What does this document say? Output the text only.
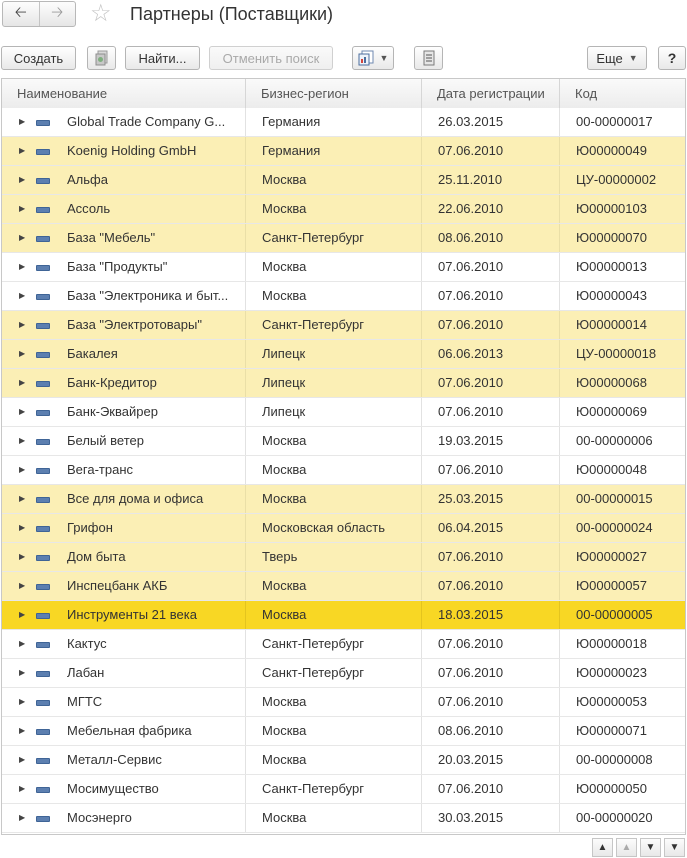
🡠 🡢 ☆ Партнеры (Поставщики)
Создать	Найти...	Отменить поиск	▼	Еще ▼	?
Наименование	Бизнес-регион	Дата регистрации	Код
▶	Global Trade Company G...	Германия	26.03.2015	00-00000017
▶	Koenig Holding GmbH	Германия	07.06.2010	Ю00000049
▶	Альфа	Москва	25.11.2010	ЦУ-00000002
▶	Ассоль	Москва	22.06.2010	Ю00000103
▶	База "Мебель"	Санкт-Петербург	08.06.2010	Ю00000070
▶	База "Продукты"	Москва	07.06.2010	Ю00000013
▶	База "Электроника и быт...	Москва	07.06.2010	Ю00000043
▶	База "Электротовары"	Санкт-Петербург	07.06.2010	Ю00000014
▶	Бакалея	Липецк	06.06.2013	ЦУ-00000018
▶	Банк-Кредитор	Липецк	07.06.2010	Ю00000068
▶	Банк-Эквайрер	Липецк	07.06.2010	Ю00000069
▶	Белый ветер	Москва	19.03.2015	00-00000006
▶	Вега-транс	Москва	07.06.2010	Ю00000048
▶	Все для дома и офиса	Москва	25.03.2015	00-00000015
▶	Грифон	Московская область	06.04.2015	00-00000024
▶	Дом быта	Тверь	07.06.2010	Ю00000027
▶	Инспецбанк АКБ	Москва	07.06.2010	Ю00000057
▶	Инструменты 21 века	Москва	18.03.2015	00-00000005
▶	Кактус	Санкт-Петербург	07.06.2010	Ю00000018
▶	Лабан	Санкт-Петербург	07.06.2010	Ю00000023
▶	МГТС	Москва	07.06.2010	Ю00000053
▶	Мебельная фабрика	Москва	08.06.2010	Ю00000071
▶	Металл-Сервис	Москва	20.03.2015	00-00000008
▶	Мосимущество	Санкт-Петербург	07.06.2010	Ю00000050
▶	Мосэнерго	Москва	30.03.2015	00-00000020
▲ ▲ ▼ ▼
